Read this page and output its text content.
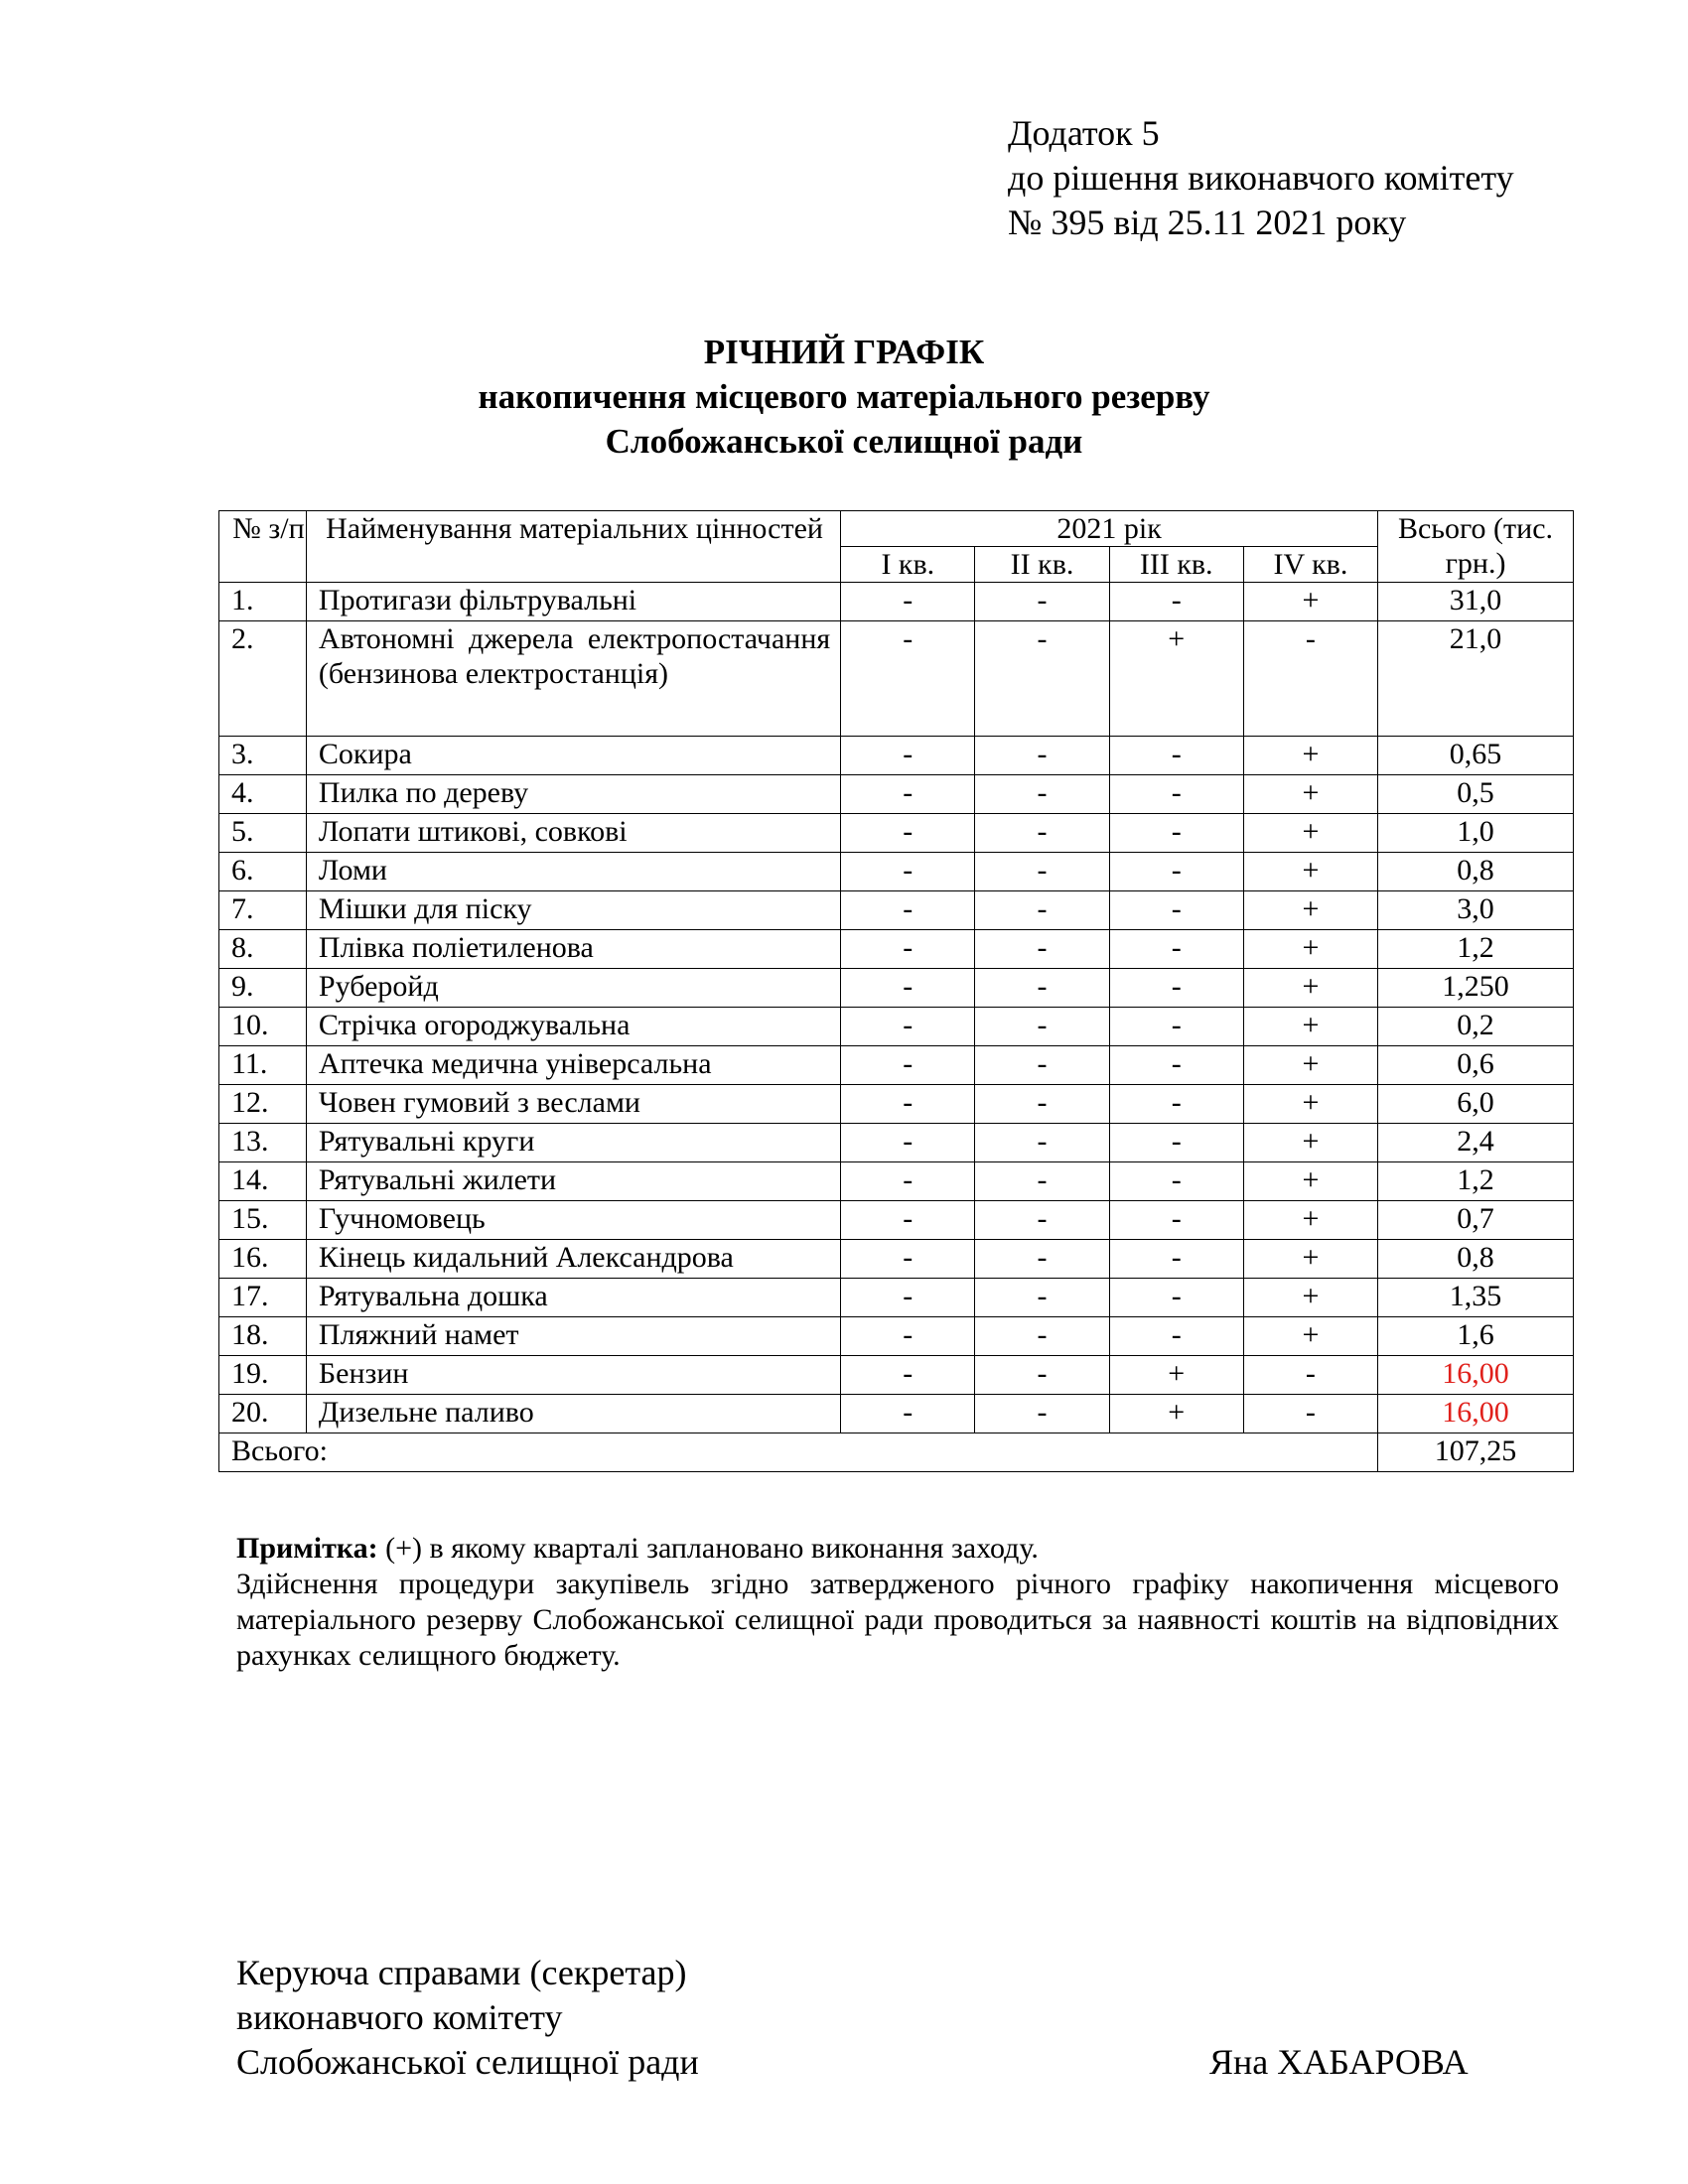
Додаток 5
до рішення виконавчого комітету
№ 395 від 25.11 2021 року
РІЧНИЙ ГРАФІК
накопичення місцевого матеріального резерву
Слобожанської селищної ради
№ з/п	Найменування матеріальних цінностей	2021 рік				Всього (тис. грн.)
		I кв.	II кв.	III кв.	IV кв.	
1.	Протигази фільтрувальні	-	-	-	+	31,0
2.	Автономні джерела електропостачання (бензинова електростанція)	-	-	+	-	21,0
3.	Сокира	-	-	-	+	0,65
4.	Пилка по дереву	-	-	-	+	0,5
5.	Лопати штикові, совкові	-	-	-	+	1,0
6.	Ломи	-	-	-	+	0,8
7.	Мішки для піску	-	-	-	+	3,0
8.	Плівка поліетиленова	-	-	-	+	1,2
9.	Руберойд	-	-	-	+	1,250
10.	Стрічка огороджувальна	-	-	-	+	0,2
11.	Аптечка медична універсальна	-	-	-	+	0,6
12.	Човен гумовий з веслами	-	-	-	+	6,0
13.	Рятувальні круги	-	-	-	+	2,4
14.	Рятувальні жилети	-	-	-	+	1,2
15.	Гучномовець	-	-	-	+	0,7
16.	Кінець кидальний Александрова	-	-	-	+	0,8
17.	Рятувальна дошка	-	-	-	+	1,35
18.	Пляжний намет	-	-	-	+	1,6
19.	Бензин	-	-	+	-	16,00
20.	Дизельне паливо	-	-	+	-	16,00
Всього:						107,25

Примітка: (+) в якому кварталі заплановано виконання заходу.

Здійснення процедури закупівель згідно затвердженого річного графіку накопичення місцевого матеріального резерву Слобожанської селищної ради проводиться за наявності коштів на відповідних рахунках селищного бюджету.

Керуюча справами (секретар)
виконавчого комітету
Слобожанської селищної ради	Яна ХАБАРОВА
